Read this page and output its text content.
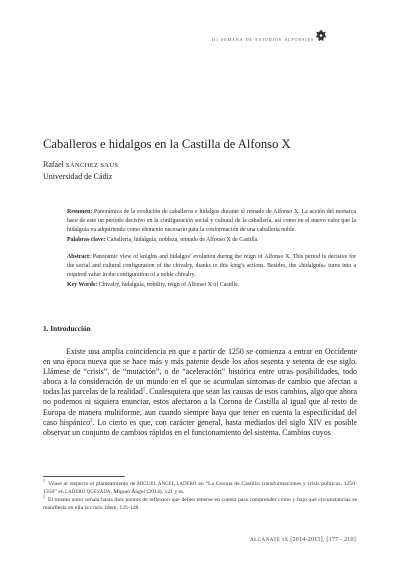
iii semana de estudios alfonsíes
Caballeros e hidalgos en la Castilla de Alfonso X
Rafael SÁNCHEZ SAUS
Universidad de Cádiz
Resumen: Panorámica de la evolución de caballeros e hidalgos durante el reinado de Alfonso X. La acción del monarca hace de este un período decisivo en la configuración social y cultural de la caballería, así como en el nuevo valor que la hidalguía va adquiriendo como elemento necesario para la conformación de una caballería noble.
Palabras clave: Caballería, hidalguía, nobleza, reinado de Alfonso X de Castilla.
Abstract: Panoramic view of knights and hidalgos’ evolution during the reign of Alfonso X. This period is decisive for the social and cultural configuration of the chivalry, thanks to this king’s actions. Besides, the «hidalguía» turns into a required value in the configuration of a noble chivalry.
Key Words: Chivalry, hidalguía, nobility, reign of Alfonso X of Castille.
1. Introducción

Existe una amplia coincidencia en que a partir de 1250 se comienza a entrar en Occidente en una época nueva que se hace más y más patente desde los años sesenta y setenta de ese siglo. Llámese de “crisis”, de “mutación”, o de “aceleración” histórica entre otras posibilidades, todo aboca a la consideración de un mundo en el que se acumulan síntomas de cambio que afectan a todas las parcelas de la realidad$^1$. Cualesquiera que sean las causas de esos cambios, algo que ahora no podemos ni siquiera enunciar, estos afectaron a la Corona de Castilla al igual que al resto de Europa de manera multiforme, aun cuando siempre haya que tener en cuenta la especificidad del caso hispánico$^2$. Lo cierto es que, con carácter general, hasta mediados del siglo XIV es posible observar un conjunto de cambios rápidos en el funcionamiento del sistema. Cambios cuyos

$^1$Véase al respecto el planteamiento de MIGUEL ÁNGEL LADERO en “La Corona de Castilla: transformaciones y crisis políticas. 1250-1350” en LADERO QUESADA, Miguel Ángel (2014), 121 y ss.

$^2$El mismo autor señala hasta diez puntos de reflexión que deben tenerse en cuenta para comprender cómo y bajo qué circunstancias se manifiesta en ella la crisis. Idem, 125-128.

ALCANATE IX [2014-2015], [177 - 210]
